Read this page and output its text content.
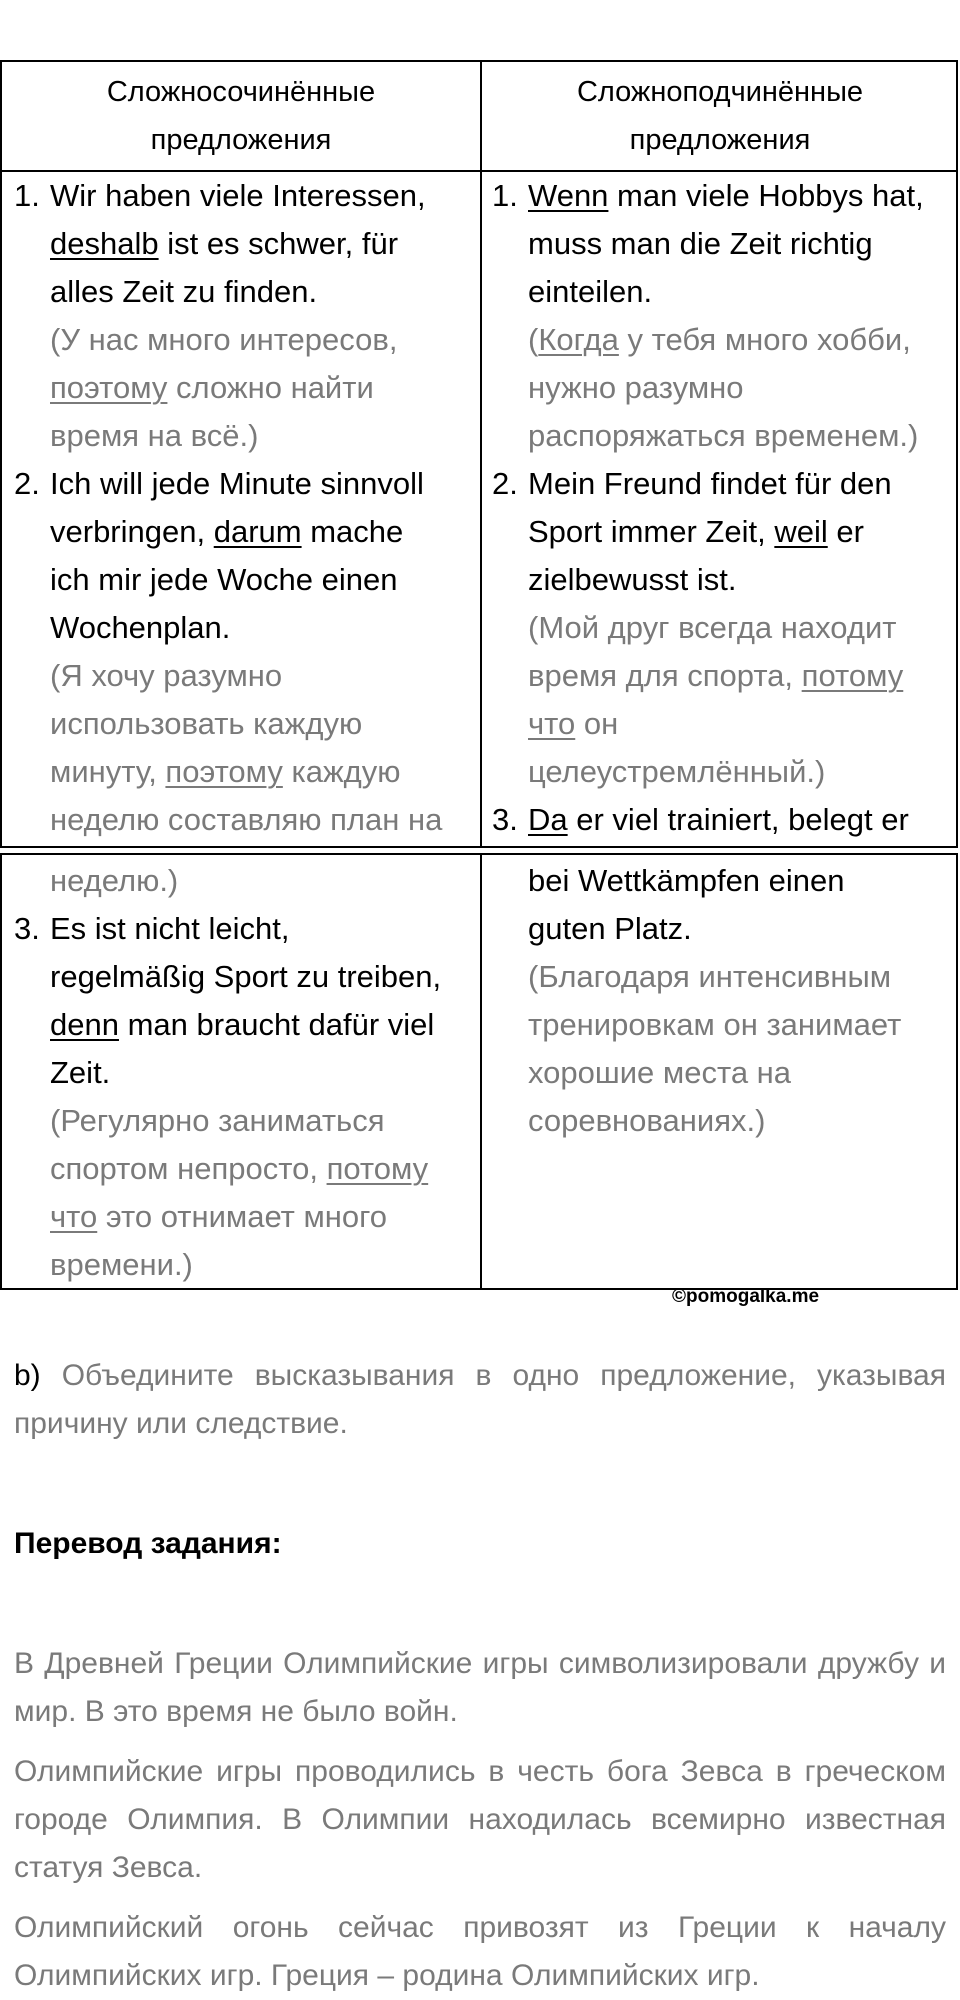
Сложносочинённые
предложения
Сложноподчинённые
предложения
1.Wir haben viele Interessen,
deshalb ist es schwer, für
alles Zeit zu finden.
(У нас много интересов,
поэтому сложно найти
время на всё.)
2.Ich will jede Minute sinnvoll
verbringen, darum mache
ich mir jede Woche einen
Wochenplan.
(Я хочу разумно
использовать каждую
минуту, поэтому каждую
неделю составляю план на
1.Wenn man viele Hobbys hat,
muss man die Zeit richtig
einteilen.
(Когда у тебя много хобби,
нужно разумно
распоряжаться временем.)
2.Mein Freund findet für den
Sport immer Zeit, weil er
zielbewusst ist.
(Мой друг всегда находит
время для спорта, потому
что он
целеустремлённый.)
3.Da er viel trainiert, belegt er
неделю.)
3.Es ist nicht leicht,
regelmäßig Sport zu treiben,
denn man braucht dafür viel
Zeit.
(Регулярно заниматься
спортом непросто, потому
что это отнимает много
времени.)
bei Wettkämpfen einen
guten Platz.
(Благодаря интенсивным
тренировкам он занимает
хорошие места на
соревнованиях.)
©pomogalka.me
b) Объедините высказывания в одно предложение, указывая причину или следствие.
Перевод задания:
В Древней Греции Олимпийские игры символизировали дружбу и мир. В это время не было войн.
Олимпийские игры проводились в честь бога Зевса в греческом городе Олимпия. В Олимпии находилась всемирно известная статуя Зевса.
Олимпийский огонь сейчас привозят из Греции к началу Олимпийских игр. Греция – родина Олимпийских игр.
